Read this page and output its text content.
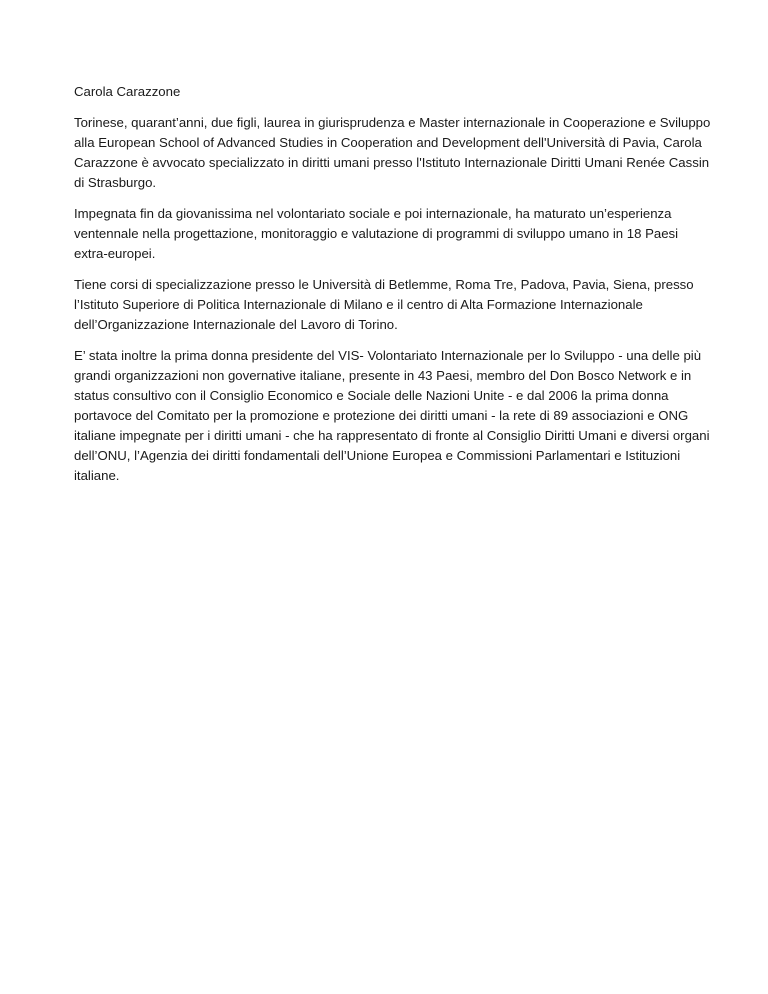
Carola Carazzone

Torinese, quarant’anni, due figli, laurea in giurisprudenza e Master internazionale in Cooperazione e Sviluppo alla European School of Advanced Studies in Cooperation and Development dell'Università di Pavia, Carola Carazzone è avvocato specializzato in diritti umani presso l'Istituto Internazionale Diritti Umani Renée Cassin di Strasburgo.

Impegnata fin da giovanissima nel volontariato sociale e poi internazionale, ha maturato un’esperienza ventennale nella progettazione, monitoraggio e valutazione di programmi di sviluppo umano in 18 Paesi extra-europei.

Tiene corsi di specializzazione presso le Università di Betlemme, Roma Tre, Padova, Pavia, Siena, presso l’Istituto Superiore di Politica Internazionale di Milano e il centro di Alta Formazione Internazionale dell’Organizzazione Internazionale del Lavoro di Torino.

E’ stata inoltre la prima donna presidente del VIS- Volontariato Internazionale per lo Sviluppo - una delle più grandi organizzazioni non governative italiane, presente in 43 Paesi, membro del Don Bosco Network e in status consultivo con il Consiglio Economico e Sociale delle Nazioni Unite - e dal 2006 la prima donna portavoce del Comitato per la promozione e protezione dei diritti umani - la rete di 89 associazioni e ONG italiane impegnate per i diritti umani - che ha rappresentato di fronte al Consiglio Diritti Umani e diversi organi dell’ONU, l’Agenzia dei diritti fondamentali dell’Unione Europea e Commissioni Parlamentari e Istituzioni italiane.
